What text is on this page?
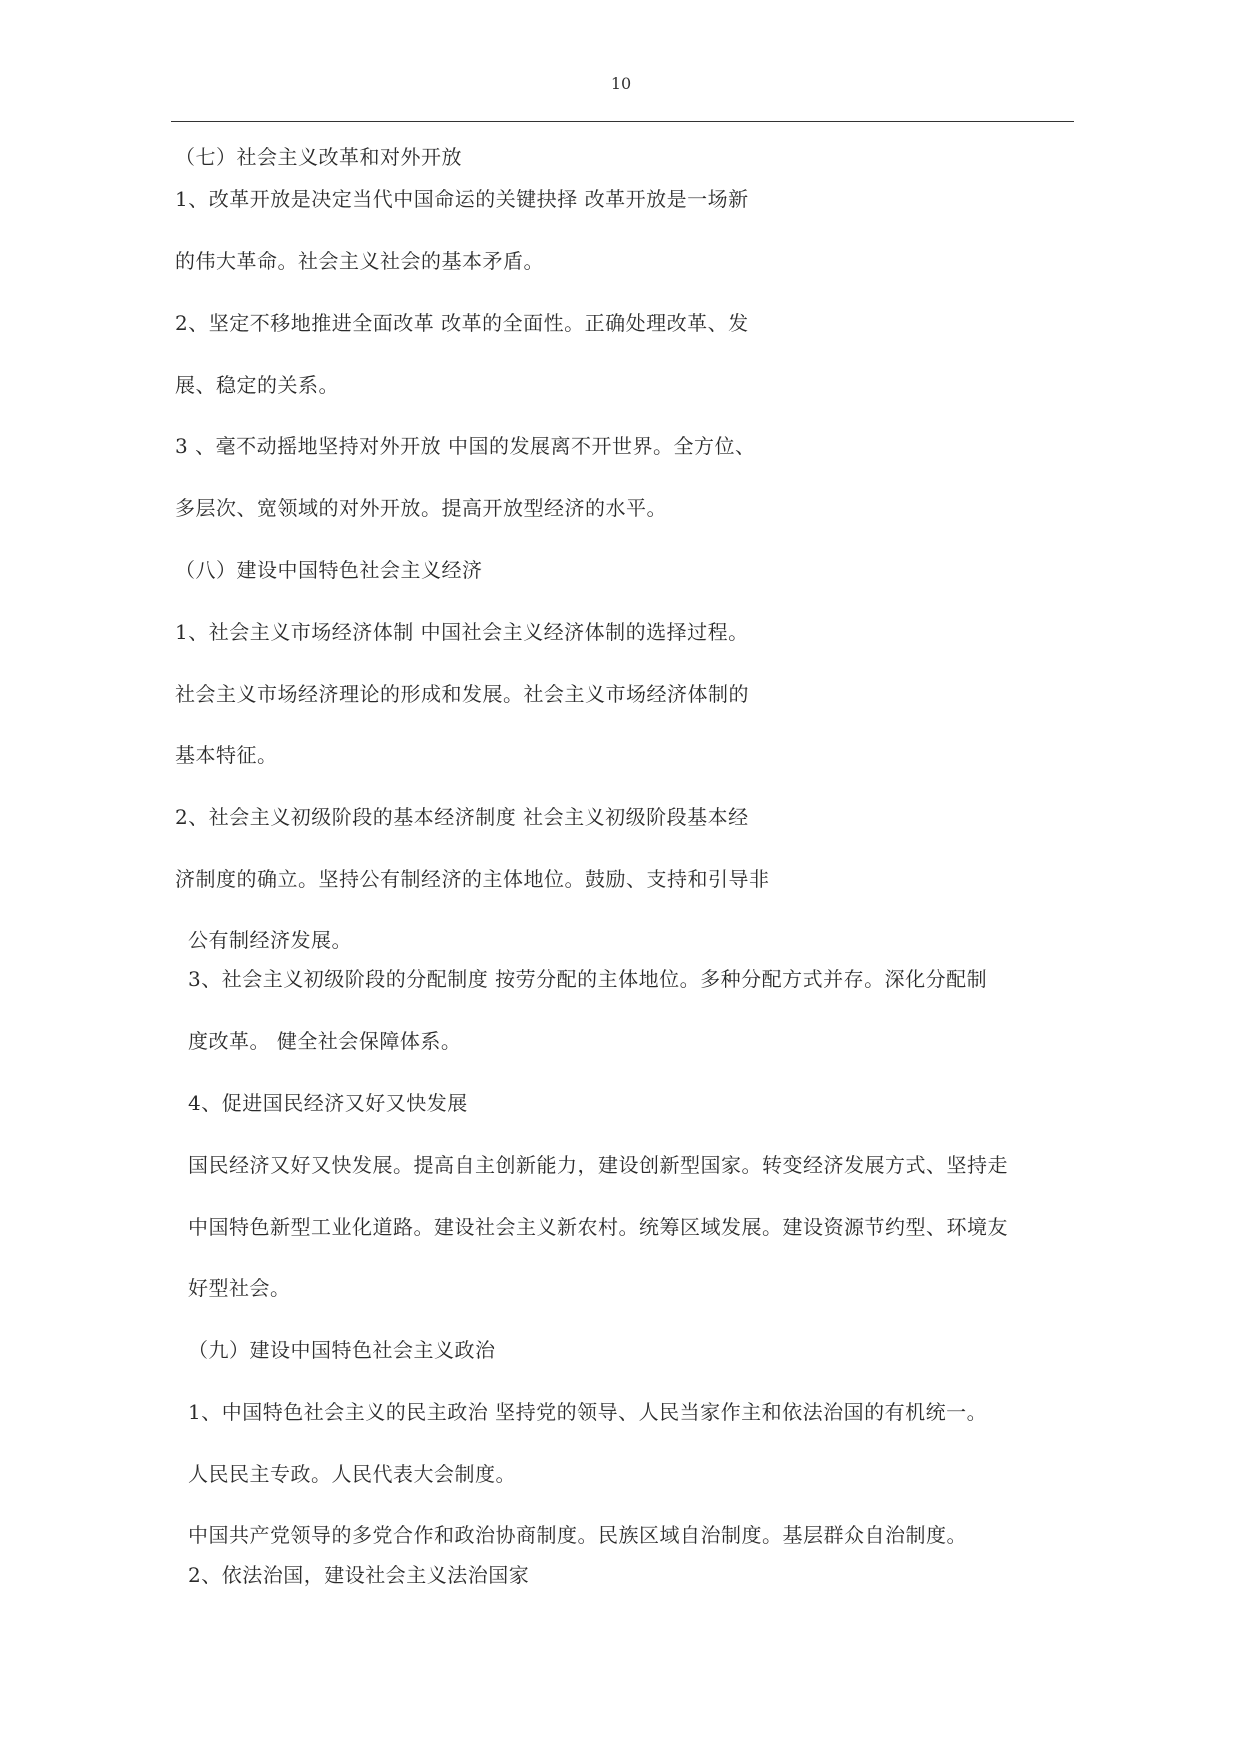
10
（七）社会主义改革和对外开放
1、改革开放是决定当代中国命运的关键抉择 改革开放是一场新
的伟大革命。社会主义社会的基本矛盾。
2、坚定不移地推进全面改革 改革的全面性。正确处理改革、发
展、稳定的关系。
3 、毫不动摇地坚持对外开放 中国的发展离不开世界。全方位、
多层次、宽领域的对外开放。提高开放型经济的水平。
（八）建设中国特色社会主义经济
1、社会主义市场经济体制 中国社会主义经济体制的选择过程。
社会主义市场经济理论的形成和发展。社会主义市场经济体制的
基本特征。
2、社会主义初级阶段的基本经济制度 社会主义初级阶段基本经
济制度的确立。坚持公有制经济的主体地位。鼓励、支持和引导非
公有制经济发展。
3、社会主义初级阶段的分配制度 按劳分配的主体地位。多种分配方式并存。深化分配制
度改革。 健全社会保障体系。
4、促进国民经济又好又快发展
国民经济又好又快发展。提高自主创新能力，建设创新型国家。转变经济发展方式、坚持走
中国特色新型工业化道路。建设社会主义新农村。统筹区域发展。建设资源节约型、环境友
好型社会。
（九）建设中国特色社会主义政治
1、中国特色社会主义的民主政治 坚持党的领导、人民当家作主和依法治国的有机统一。
人民民主专政。人民代表大会制度。
中国共产党领导的多党合作和政治协商制度。民族区域自治制度。基层群众自治制度。
2、依法治国，建设社会主义法治国家
